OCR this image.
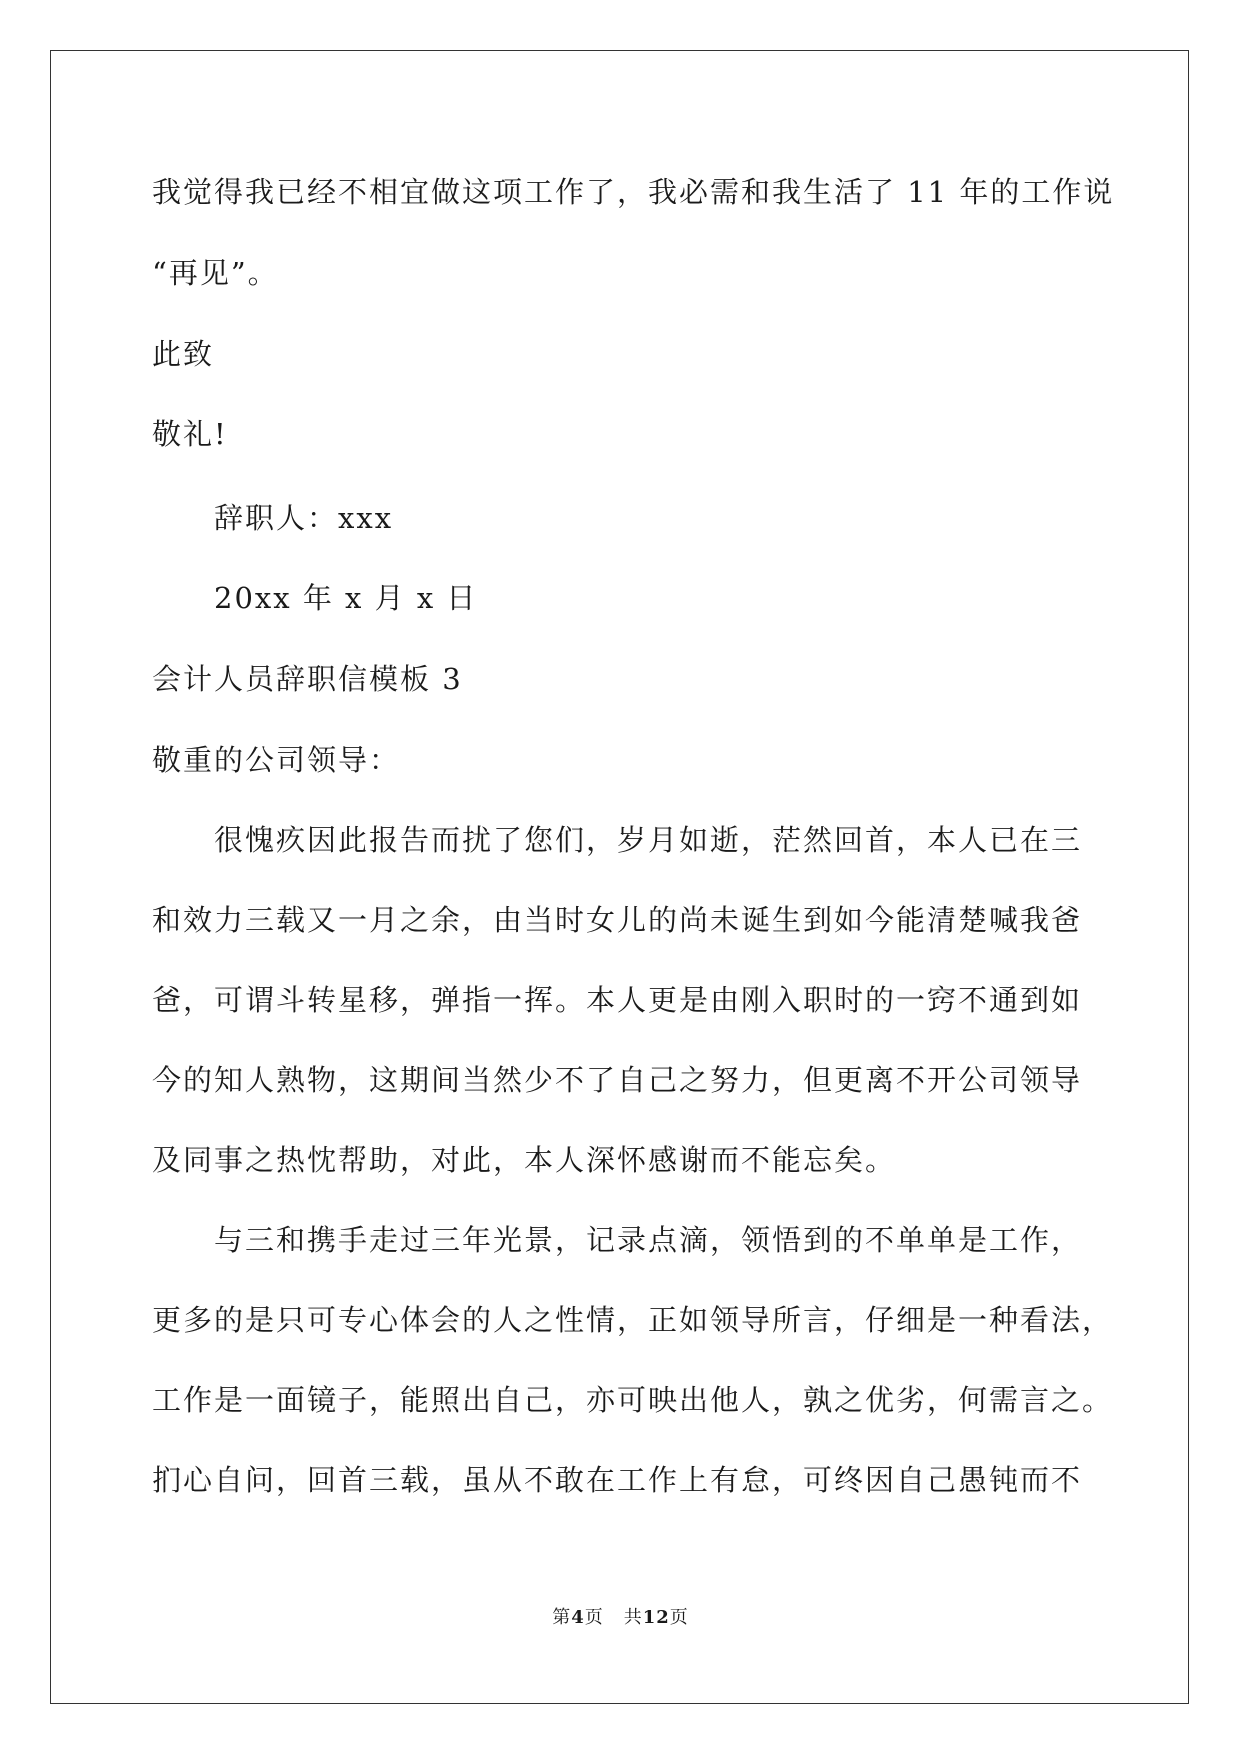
我觉得我已经不相宜做这项工作了，我必需和我生活了 11 年的工作说
“再见”。
此致
敬礼!
辞职人：xxx
20xx 年 x 月 x 日
会计人员辞职信模板 3
敬重的公司领导：
很愧疚因此报告而扰了您们，岁月如逝，茫然回首，本人已在三
和效力三载又一月之余，由当时女儿的尚未诞生到如今能清楚喊我爸
爸，可谓斗转星移，弹指一挥。本人更是由刚入职时的一窍不通到如
今的知人熟物，这期间当然少不了自己之努力，但更离不开公司领导
及同事之热忱帮助，对此，本人深怀感谢而不能忘矣。
与三和携手走过三年光景，记录点滴，领悟到的不单单是工作，
更多的是只可专心体会的人之性情，正如领导所言，仔细是一种看法，
工作是一面镜子，能照出自己，亦可映出他人，孰之优劣，何需言之。
扪心自问，回首三载，虽从不敢在工作上有怠，可终因自己愚钝而不
第4页 共12页
